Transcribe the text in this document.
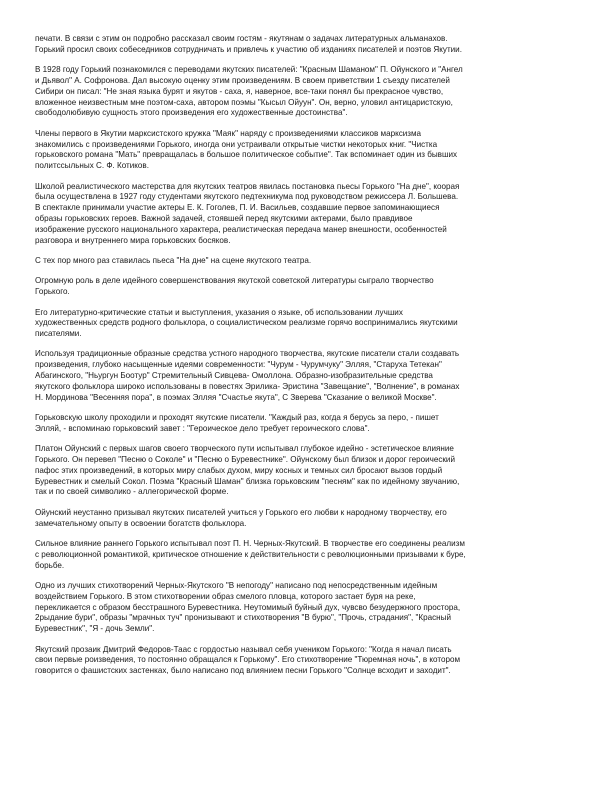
печати. В связи с этим он подробно рассказал своим гостям - якутянам о задачах литературных альманахов.
Горький просил своих собеседников сотрудничать и привлечь к участию об изданиях писателей и поэтов Якутии.

В 1928 году Горький познакомился с переводами якутских писателей: "Красным Шаманом" П. Ойунского и "Ангел
и Дьявол" А. Софронова. Дал высокую оценку этим произведениям. В своем приветствии 1 съезду писателей
Сибири он писал: "Не зная языка бурят и якутов - саха, я, наверное, все-таки понял бы прекрасное чувство,
вложенное неизвестным мне поэтом-саха, автором поэмы "Кысыл Ойуун". Он, верно, уловил антицаристскую,
свободолюбивую сущность этого произведения его художественные достоинства".

Члены первого в Якутии марксистского кружка "Маяк" наряду с произведениями классиков марксизма
знакомились с произведениями Горького, иногда они устраивали открытые чистки некоторых книг. "Чистка
горьковского романа "Мать" превращалась в большое политическое событие". Так вспоминает один из бывших
политссыльных С. Ф. Котиков.

Школой реалистического мастерства для якутских театров явилась постановка пьесы Горького "На дне", коорая
была осуществлена в 1927 году студентами якутского педтехникума под руководством режиссера Л. Большева.
В спектакле принимали участие актеры Е. К. Гоголев, П. И. Васильев, создавшие первое запоминающиеся
образы горьковских героев. Важной задачей, стоявшей перед якутскими актерами, было правдивое
изображение русского национального характера, реалистическая передача манер внешности, особенностей
разговора и внутреннего мира горьковских босяков.

С тех пор много раз ставилась пьеса "На дне" на сцене якутского театра.

Огромную роль в деле идейного совершенствования якутской советской литературы сыграло творчество
Горького.

Его литературно-критические статьи и выступления, указания о языке, об использовании лучших
художественных средств родного фольклора, о социалистическом реализме горячо воспринимались якутскими
писателями.

Используя традиционные образные средства устного народного творчества, якутские писатели стали создавать
произведения, глубоко насыщенные идеями современности: "Чурум - Чурумчуку" Элляя, "Старуха Тетекан"
Абагинского, "Ньургун Боотур" Стремительный Сивцева- Омоллона. Образно-изобразительные средства
якутского фольклора широко использованы в повестях Эрилика- Эристина "Завещание", "Волнение", в романах
Н. Мординова "Весенняя пора", в поэмах Элляя "Счастье якута", С Зверева "Сказание о великой Москве".

Горьковскую школу проходили и проходят якутские писатели. "Каждый раз, когда я берусь за перо, - пишет
Элляй, - вспоминаю горьковский завет : "Героическое дело требует героического слова".

Платон Ойунский с первых шагов своего творческого пути испытывал глубокое идейно - эстетическое влияние
Горького. Он перевел "Песню о Соколе" и "Песню о Буревестнике". Ойунскому был близок и дорог героический
пафос этих произведений, в которых миру слабых духом, миру косных и темных сил бросают вызов гордый
Буревестник и смелый Сокол. Поэма "Красный Шаман" близка горьковским "песням" как по идейному звучанию,
так и по своей символико - аллегорической форме.

Ойунский неустанно призывал якутских писателей учиться у Горького его любви к народному творчеству, его
замечательному опыту в освоении богатств фольклора.

Сильное влияние раннего Горького испытывал поэт П. Н. Черных-Якутский. В творчестве его соединены реализм
с революционной романтикой, критическое отношение к действительности с революционными призывами к буре,
борьбе.

Одно из лучших стихотворений Черных-Якутского "В непогоду" написано под непосредственным идейным
воздействием Горького. В этом стихотворении образ смелого пловца, которого застает буря на реке,
перекликается с образом бесстрашного Буревестника. Неутомимый буйный дух, чувсво безудержного простора,
2рыдание бури", образы "мрачных туч" пронизывают и стихотворения "В бурю", "Прочь, страдания", "Красный
Буревестник", "Я - дочь Земли".

Якутский прозаик Дмитрий Федоров-Таас с гордостью называл себя учеником Горького: "Когда я начал писать
свои первые роизведения, то постоянно обращался к Горькому". Его стихотворение "Тюремная ночь", в котором
говорится о фашистских застенках, было написано под влиянием песни Горького "Солнце всходит и заходит".
